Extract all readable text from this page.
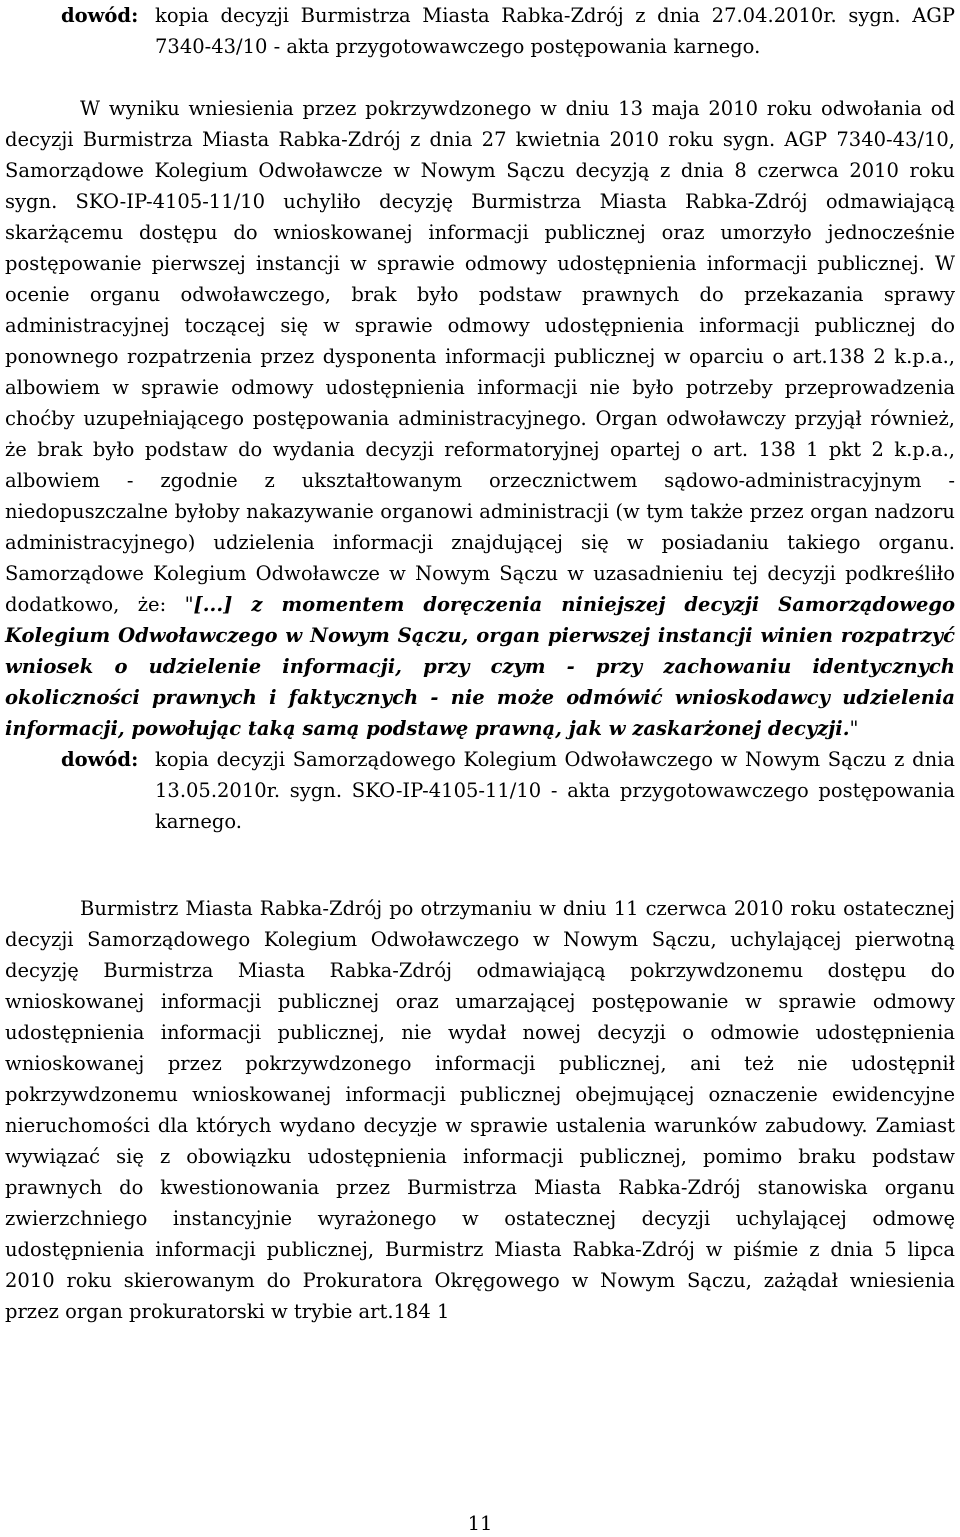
dowód: kopia decyzji Burmistrza Miasta Rabka-Zdrój z dnia 27.04.2010r. sygn. AGP 7340-43/10 - akta przygotowawczego postępowania karnego.

W wyniku wniesienia przez pokrzywdzonego w dniu 13 maja 2010 roku odwołania od decyzji Burmistrza Miasta Rabka-Zdrój z dnia 27 kwietnia 2010 roku sygn. AGP 7340-43/10, Samorządowe Kolegium Odwoławcze w Nowym Sączu decyzją z dnia 8 czerwca 2010 roku sygn. SKO-IP-4105-11/10 uchyliło decyzję Burmistrza Miasta Rabka-Zdrój odmawiającą skarżącemu dostępu do wnioskowanej informacji publicznej oraz umorzyło jednocześnie postępowanie pierwszej instancji w sprawie odmowy udostępnienia informacji publicznej. W ocenie organu odwoławczego, brak było podstaw prawnych do przekazania sprawy administracyjnej toczącej się w sprawie odmowy udostępnienia informacji publicznej do ponownego rozpatrzenia przez dysponenta informacji publicznej w oparciu o art.138 2 k.p.a., albowiem w sprawie odmowy udostępnienia informacji nie było potrzeby przeprowadzenia choćby uzupełniającego postępowania administracyjnego. Organ odwoławczy przyjął również, że brak było podstaw do wydania decyzji reformatoryjnej opartej o art. 138 1 pkt 2 k.p.a., albowiem - zgodnie z ukształtowanym orzecznictwem sądowo-administracyjnym - niedopuszczalne byłoby nakazywanie organowi administracji (w tym także przez organ nadzoru administracyjnego) udzielenia informacji znajdującej się w posiadaniu takiego organu. Samorządowe Kolegium Odwoławcze w Nowym Sączu w uzasadnieniu tej decyzji podkreśliło dodatkowo, że: "[...] z momentem doręczenia niniejszej decyzji Samorządowego Kolegium Odwoławczego w Nowym Sączu, organ pierwszej instancji winien rozpatrzyć wniosek o udzielenie informacji, przy czym - przy zachowaniu identycznych okoliczności prawnych i faktycznych - nie może odmówić wnioskodawcy udzielenia informacji, powołując taką samą podstawę prawną, jak w zaskarżonej decyzji."

dowód: kopia decyzji Samorządowego Kolegium Odwoławczego w Nowym Sączu z dnia 13.05.2010r. sygn. SKO-IP-4105-11/10 - akta przygotowawczego postępowania karnego.

Burmistrz Miasta Rabka-Zdrój po otrzymaniu w dniu 11 czerwca 2010 roku ostatecznej decyzji Samorządowego Kolegium Odwoławczego w Nowym Sączu, uchylającej pierwotną decyzję Burmistrza Miasta Rabka-Zdrój odmawiającą pokrzywdzonemu dostępu do wnioskowanej informacji publicznej oraz umarzającej postępowanie w sprawie odmowy udostępnienia informacji publicznej, nie wydał nowej decyzji o odmowie udostępnienia wnioskowanej przez pokrzywdzonego informacji publicznej, ani też nie udostępnił pokrzywdzonemu wnioskowanej informacji publicznej obejmującej oznaczenie ewidencyjne nieruchomości dla których wydano decyzje w sprawie ustalenia warunków zabudowy. Zamiast wywiązać się z obowiązku udostępnienia informacji publicznej, pomimo braku podstaw prawnych do kwestionowania przez Burmistrza Miasta Rabka-Zdrój stanowiska organu zwierzchniego instancyjnie wyrażonego w ostatecznej decyzji uchylającej odmowę udostępnienia informacji publicznej, Burmistrz Miasta Rabka-Zdrój w piśmie z dnia 5 lipca 2010 roku skierowanym do Prokuratora Okręgowego w Nowym Sączu, zażądał wniesienia przez organ prokuratorski w trybie art.184 1

11
